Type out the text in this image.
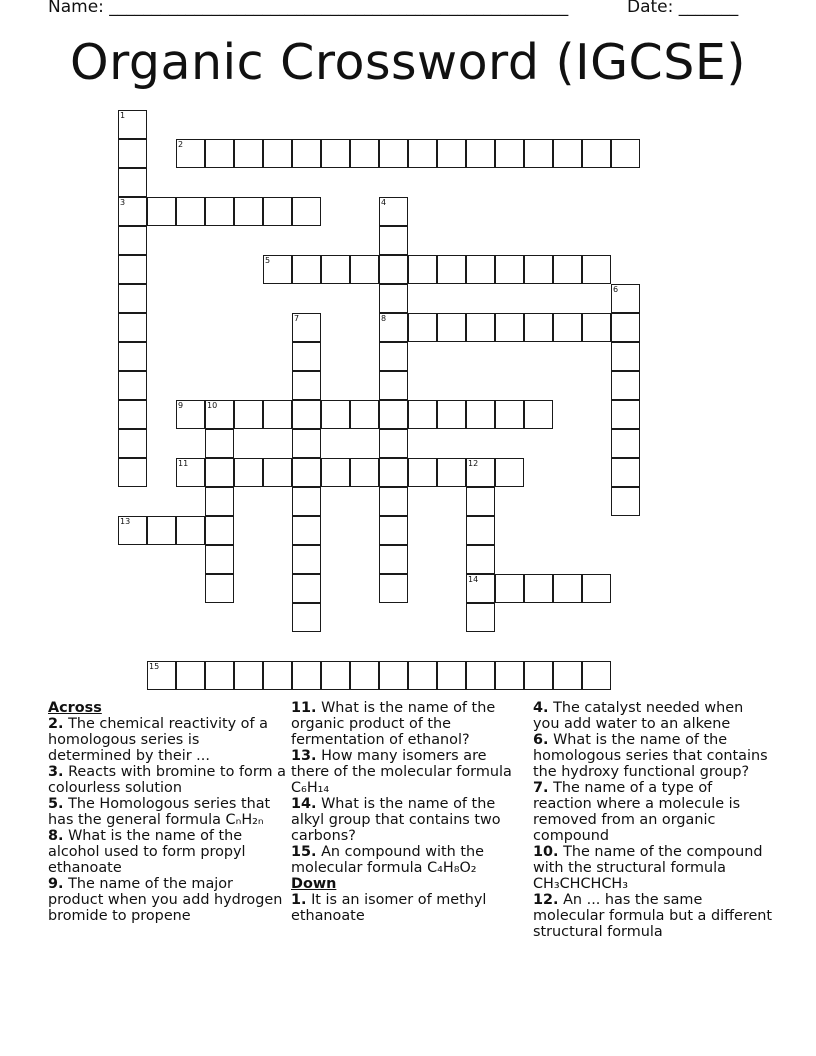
Name: ______________________________________________________	Date: _______
Organic Crossword (IGCSE)
1
3
2
4
8
5
6
7
9	10
11	12
14
13
15
Across

2. The chemical reactivity of a homologous series is determined by their ...

3. Reacts with bromine to form a colourless solution

5. The Homologous series that has the general formula CₙH₂ₙ

8. What is the name of the alcohol used to form propyl ethanoate

9. The name of the major product when you add hydrogen bromide to propene

11. What is the name of the organic product of the fermentation of ethanol?

13. How many isomers are there of the molecular formula C₆H₁₄

14. What is the name of the alkyl group that contains two carbons?

15. An compound with the molecular formula C₄H₈O₂

Down

1. It is an isomer of methyl ethanoate

4. The catalyst needed when you add water to an alkene

6. What is the name of the homologous series that contains the hydroxy functional group?

7. The name of a type of reaction where a molecule is removed from an organic compound

10. The name of the compound with the structural formula CH₃CHCHCH₃

12. An ... has the same molecular formula but a different structural formula
